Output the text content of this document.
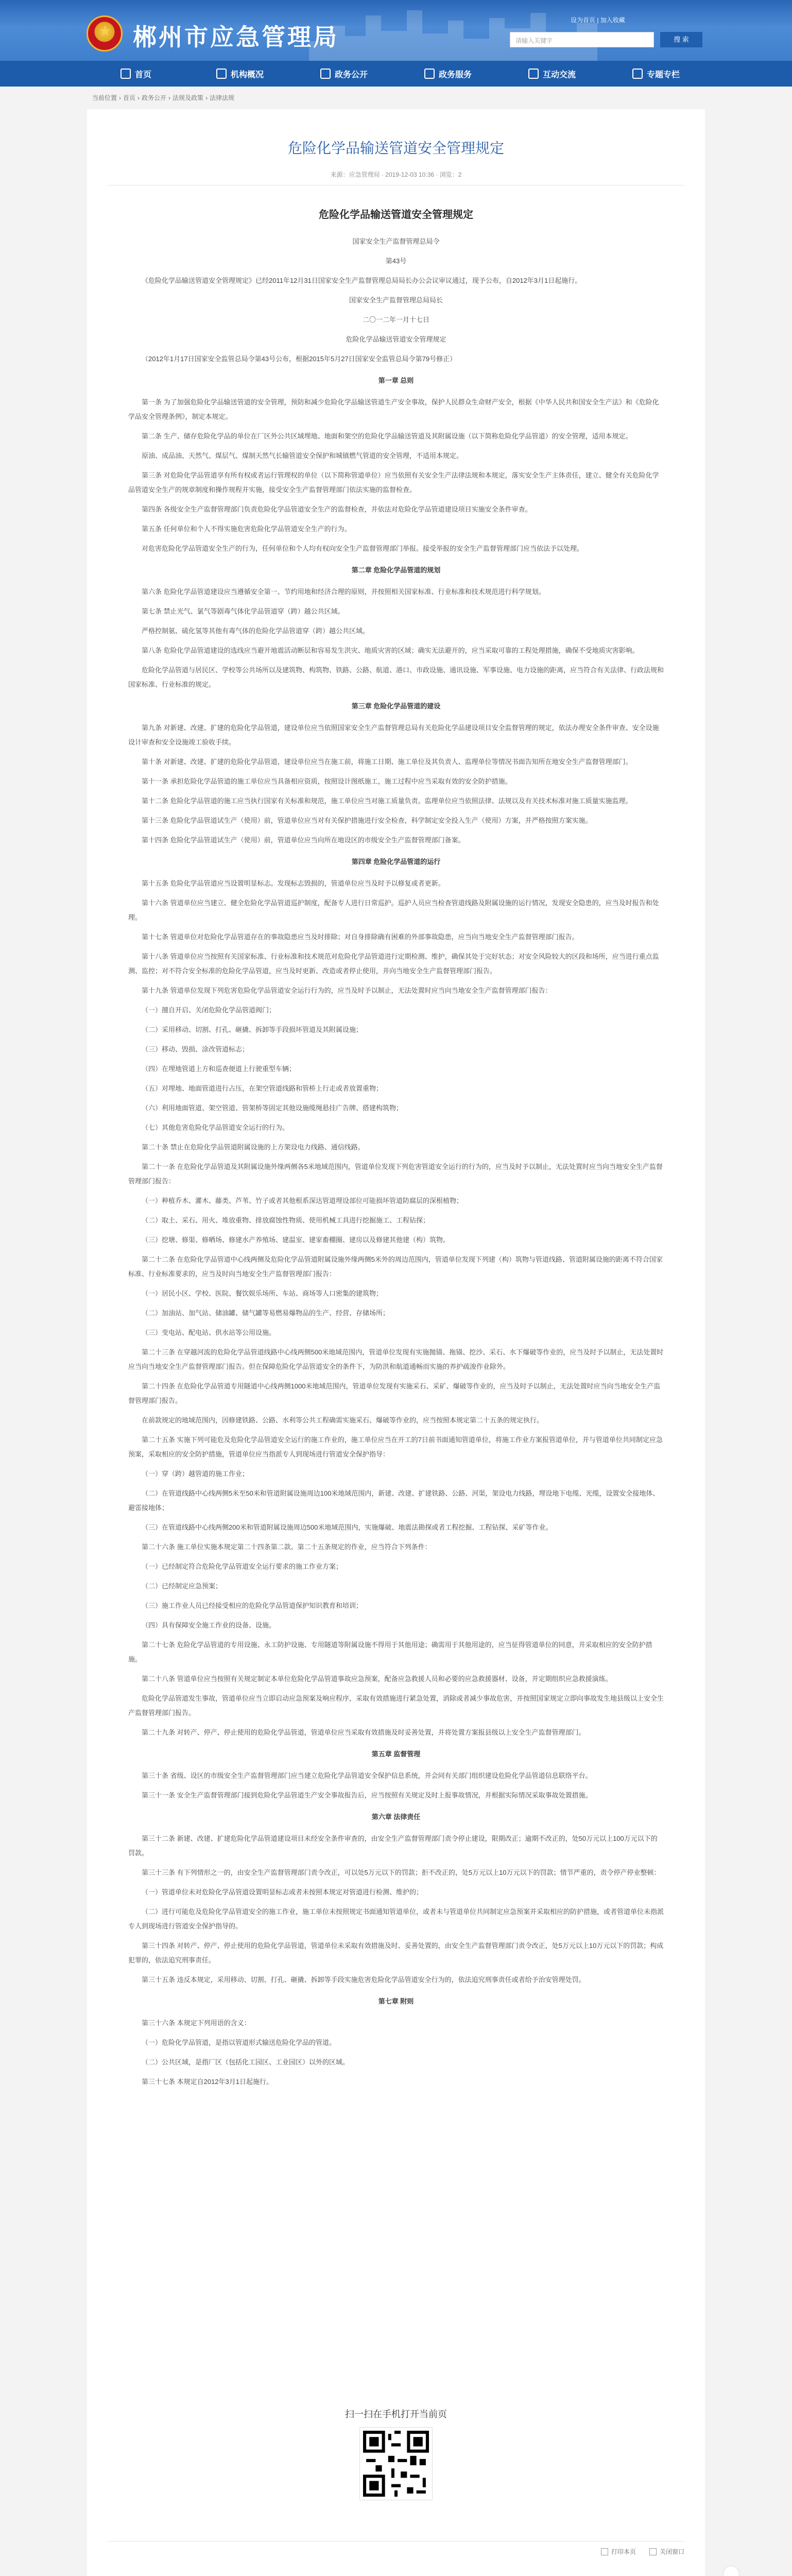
郴州市应急管理局
设为首页 | 加入收藏
请输入关键字	搜 索
首页	机构概况	政务公开	政务服务	互动交流	专题专栏
当前位置 › 首页 › 政务公开 › 法规及政策 › 法律法规
危险化学品输送管道安全管理规定
来源：应急管理局 · 2019-12-03 10:36 · 浏览：2
危险化学品输送管道安全管理规定

国家安全生产监督管理总局令

第43号

《危险化学品输送管道安全管理规定》已经2011年12月31日国家安全生产监督管理总局局长办公会议审议通过，现予公布，自2012年3月1日起施行。

国家安全生产监督管理总局局长

二〇一二年一月十七日

危险化学品输送管道安全管理规定

（2012年1月17日国家安全监管总局令第43号公布，根据2015年5月27日国家安全监管总局令第79号修正）

第一章 总则

第一条 为了加强危险化学品输送管道的安全管理，预防和减少危险化学品输送管道生产安全事故，保护人民群众生命财产安全，根据《中华人民共和国安全生产法》和《危险化学品安全管理条例》，制定本规定。

第二条 生产、储存危险化学品的单位在厂区外公共区域埋地、地面和架空的危险化学品输送管道及其附属设施（以下简称危险化学品管道）的安全管理，适用本规定。

原油、成品油、天然气、煤层气、煤制天然气长输管道安全保护和城镇燃气管道的安全管理，不适用本规定。

第三条 对危险化学品管道享有所有权或者运行管理权的单位（以下简称管道单位）应当依照有关安全生产法律法规和本规定，落实安全生产主体责任，建立、健全有关危险化学品管道安全生产的规章制度和操作规程并实施，接受安全生产监督管理部门依法实施的监督检查。

第四条 各级安全生产监督管理部门负责危险化学品管道安全生产的监督检查，并依法对危险化学品管道建设项目实施安全条件审查。

第五条 任何单位和个人不得实施危害危险化学品管道安全生产的行为。

对危害危险化学品管道安全生产的行为，任何单位和个人均有权向安全生产监督管理部门举报。接受举报的安全生产监督管理部门应当依法予以处理。

第二章 危险化学品管道的规划

第六条 危险化学品管道建设应当遵循安全第一、节约用地和经济合理的原则，并按照相关国家标准、行业标准和技术规范进行科学规划。

第七条 禁止光气、氯气等剧毒气体化学品管道穿（跨）越公共区域。

严格控制氨、硫化氢等其他有毒气体的危险化学品管道穿（跨）越公共区域。

第八条 危险化学品管道建设的选线应当避开地震活动断层和容易发生洪灾、地质灾害的区域；确实无法避开的，应当采取可靠的工程处理措施，确保不受地质灾害影响。

危险化学品管道与居民区、学校等公共场所以及建筑物、构筑物、铁路、公路、航道、港口、市政设施、通讯设施、军事设施、电力设施的距离，应当符合有关法律、行政法规和国家标准、行业标准的规定。

第三章 危险化学品管道的建设

第九条 对新建、改建、扩建的危险化学品管道，建设单位应当依照国家安全生产监督管理总局有关危险化学品建设项目安全监督管理的规定，依法办理安全条件审查、安全设施设计审查和安全设施竣工验收手续。

第十条 对新建、改建、扩建的危险化学品管道，建设单位应当在施工前，将施工日期、施工单位及其负责人、监理单位等情况书面告知所在地安全生产监督管理部门。

第十一条 承担危险化学品管道的施工单位应当具备相应资质，按照设计图纸施工，施工过程中应当采取有效的安全防护措施。

第十二条 危险化学品管道的施工应当执行国家有关标准和规范，施工单位应当对施工质量负责。监理单位应当依照法律、法规以及有关技术标准对施工质量实施监理。

第十三条 危险化学品管道试生产（使用）前，管道单位应当对有关保护措施进行安全检查，科学制定安全投入生产（使用）方案，并严格按照方案实施。

第十四条 危险化学品管道试生产（使用）前，管道单位应当向所在地设区的市级安全生产监督管理部门备案。

第四章 危险化学品管道的运行

第十五条 危险化学品管道应当设置明显标志。发现标志毁损的，管道单位应当及时予以修复或者更新。

第十六条 管道单位应当建立、健全危险化学品管道巡护制度，配备专人进行日常巡护。巡护人员应当检查管道线路及附属设施的运行情况，发现安全隐患的，应当及时报告和处理。

第十七条 管道单位对危险化学品管道存在的事故隐患应当及时排除；对自身排除确有困难的外部事故隐患，应当向当地安全生产监督管理部门报告。

第十八条 管道单位应当按照有关国家标准、行业标准和技术规范对危险化学品管道进行定期检测、维护，确保其处于完好状态；对安全风险较大的区段和场所，应当进行重点监测、监控；对不符合安全标准的危险化学品管道，应当及时更新、改造或者停止使用，并向当地安全生产监督管理部门报告。

第十九条 管道单位发现下列危害危险化学品管道安全运行行为的，应当及时予以制止，无法处置时应当向当地安全生产监督管理部门报告：

（一）擅自开启、关闭危险化学品管道阀门；

（二）采用移动、切割、打孔、砸撬、拆卸等手段损坏管道及其附属设施；

（三）移动、毁损、涂改管道标志；

（四）在埋地管道上方和巡查便道上行驶重型车辆；

（五）对埋地、地面管道进行占压，在架空管道线路和管桥上行走或者放置重物；

（六）利用地面管道、架空管道、管架桥等固定其他设施缆绳悬挂广告牌、搭建构筑物；

（七）其他危害危险化学品管道安全运行的行为。

第二十条 禁止在危险化学品管道附属设施的上方架设电力线路、通信线路。

第二十一条 在危险化学品管道及其附属设施外缘两侧各5米地域范围内，管道单位发现下列危害管道安全运行的行为的，应当及时予以制止，无法处置时应当向当地安全生产监督管理部门报告：

（一）种植乔木、灌木、藤类、芦苇、竹子或者其他根系深达管道埋设部位可能损坏管道防腐层的深根植物；

（二）取土、采石、用火、堆放重物、排放腐蚀性物质、使用机械工具进行挖掘施工、工程钻探；

（三）挖塘、修渠、修晒场、修建水产养殖场、建温室、建家畜棚圈、建房以及修建其他建（构）筑物。

第二十二条 在危险化学品管道中心线两侧及危险化学品管道附属设施外缘两侧5米外的周边范围内，管道单位发现下列建（构）筑物与管道线路、管道附属设施的距离不符合国家标准、行业标准要求的，应当及时向当地安全生产监督管理部门报告：

（一）居民小区、学校、医院、餐饮娱乐场所、车站、商场等人口密集的建筑物；

（二）加油站、加气站、储油罐、储气罐等易燃易爆物品的生产、经营、存储场所；

（三）变电站、配电站、供水站等公用设施。

第二十三条 在穿越河流的危险化学品管道线路中心线两侧500米地域范围内，管道单位发现有实施抛锚、拖锚、挖沙、采石、水下爆破等作业的，应当及时予以制止，无法处置时应当向当地安全生产监督管理部门报告。但在保障危险化学品管道安全的条件下，为防洪和航道通畅而实施的养护疏浚作业除外。

第二十四条 在危险化学品管道专用隧道中心线两侧1000米地域范围内，管道单位发现有实施采石、采矿、爆破等作业的，应当及时予以制止，无法处置时应当向当地安全生产监督管理部门报告。

在前款规定的地域范围内，因修建铁路、公路、水利等公共工程确需实施采石、爆破等作业的，应当按照本规定第二十五条的规定执行。

第二十五条 实施下列可能危及危险化学品管道安全运行的施工作业的，施工单位应当在开工的7日前书面通知管道单位，将施工作业方案报管道单位，并与管道单位共同制定应急预案，采取相应的安全防护措施，管道单位应当指派专人到现场进行管道安全保护指导：

（一）穿（跨）越管道的施工作业；

（二）在管道线路中心线两侧5米至50米和管道附属设施周边100米地域范围内，新建、改建、扩建铁路、公路、河渠，架设电力线路，埋设地下电缆、光缆，设置安全接地体、避雷接地体；

（三）在管道线路中心线两侧200米和管道附属设施周边500米地域范围内，实施爆破、地震法勘探或者工程挖掘、工程钻探、采矿等作业。

第二十六条 施工单位实施本规定第二十四条第二款、第二十五条规定的作业，应当符合下列条件：

（一）已经制定符合危险化学品管道安全运行要求的施工作业方案；

（二）已经制定应急预案；

（三）施工作业人员已经接受相应的危险化学品管道保护知识教育和培训；

（四）具有保障安全施工作业的设备、设施。

第二十七条 危险化学品管道的专用设施、永工防护设施、专用隧道等附属设施不得用于其他用途；确需用于其他用途的，应当征得管道单位的同意，并采取相应的安全防护措施。

第二十八条 管道单位应当按照有关规定制定本单位危险化学品管道事故应急预案，配备应急救援人员和必要的应急救援器材、设备，并定期组织应急救援演练。

危险化学品管道发生事故，管道单位应当立即启动应急预案及响应程序，采取有效措施进行紧急处置，消除或者减少事故危害，并按照国家规定立即向事故发生地县级以上安全生产监督管理部门报告。

第二十九条 对转产、停产、停止使用的危险化学品管道，管道单位应当采取有效措施及时妥善处置，并将处置方案报县级以上安全生产监督管理部门。

第五章 监督管理

第三十条 省级、设区的市级安全生产监督管理部门应当建立危险化学品管道安全保护信息系统，并会同有关部门组织建设危险化学品管道信息联络平台。

第三十一条 安全生产监督管理部门接到危险化学品管道生产安全事故报告后，应当按照有关规定及时上报事故情况，并根据实际情况采取事故处置措施。

第六章 法律责任

第三十二条 新建、改建、扩建危险化学品管道建设项目未经安全条件审查的，由安全生产监督管理部门责令停止建设，限期改正；逾期不改正的，处50万元以上100万元以下的罚款。

第三十三条 有下列情形之一的，由安全生产监督管理部门责令改正，可以处5万元以下的罚款；拒不改正的，处5万元以上10万元以下的罚款；情节严重的，责令停产停业整顿：

（一）管道单位未对危险化学品管道设置明显标志或者未按照本规定对管道进行检测、维护的；

（二）进行可能危及危险化学品管道安全的施工作业，施工单位未按照规定书面通知管道单位，或者未与管道单位共同制定应急预案并采取相应的防护措施，或者管道单位未指派专人到现场进行管道安全保护指导的。

第三十四条 对转产、停产、停止使用的危险化学品管道，管道单位未采取有效措施及时、妥善处置的，由安全生产监督管理部门责令改正，处5万元以上10万元以下的罚款；构成犯罪的，依法追究刑事责任。

第三十五条 违反本规定，采用移动、切割、打孔、砸撬、拆卸等手段实施危害危险化学品管道安全行为的，依法追究刑事责任或者给予治安管理处罚。

第七章 附则

第三十六条 本规定下列用语的含义：

（一）危险化学品管道，是指以管道形式输送危险化学品的管道。

（二）公共区域，是指厂区（包括化工园区、工业园区）以外的区域。

第三十七条 本规定自2012年3月1日起施行。

扫一扫在手机打开当前页
打印本页	关闭窗口
